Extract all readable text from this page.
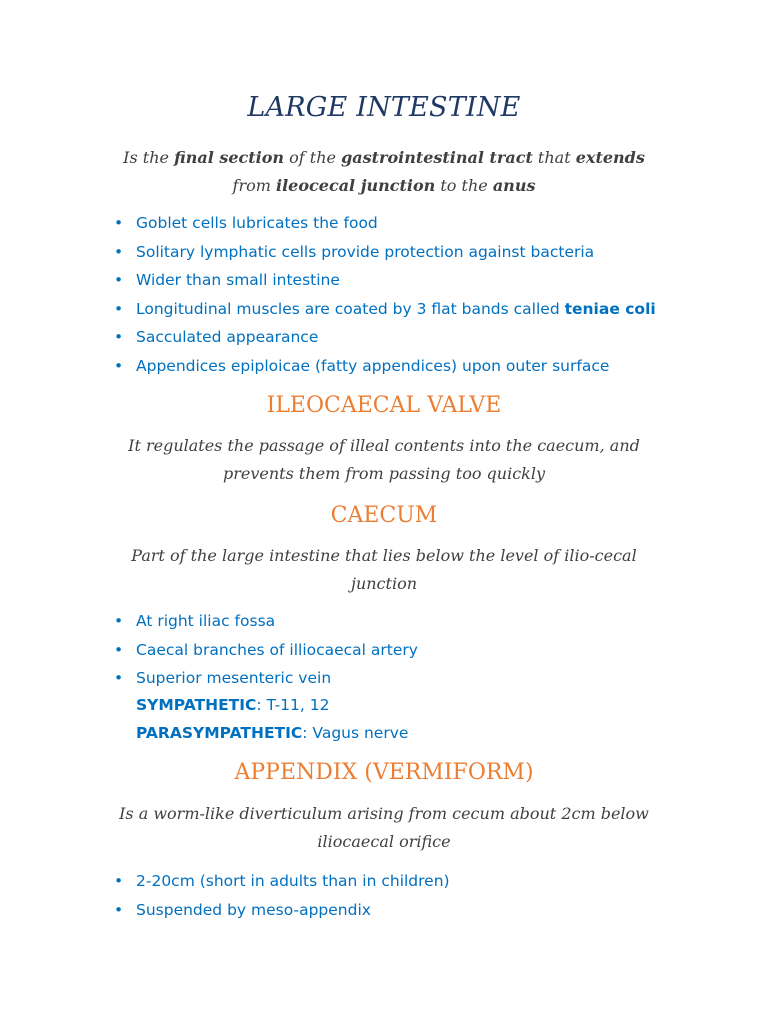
LARGE INTESTINE
Is the final section of the gastrointestinal tract that extends
from ileocecal junction to the anus
• Goblet cells lubricates the food
• Solitary lymphatic cells provide protection against bacteria
• Wider than small intestine
• Longitudinal muscles are coated by 3 flat bands called teniae coli
• Sacculated appearance
• Appendices epiploicae (fatty appendices) upon outer surface
ILEOCAECAL VALVE
It regulates the passage of illeal contents into the caecum, and
prevents them from passing too quickly
CAECUM
Part of the large intestine that lies below the level of ilio-cecal
junction
• At right iliac fossa
• Caecal branches of illiocaecal artery
• Superior mesenteric vein

SYMPATHETIC: T-11, 12

PARASYMPATHETIC: Vagus nerve

APPENDIX (VERMIFORM)
Is a worm-like diverticulum arising from cecum about 2cm below
iliocaecal orifice
• 2-20cm (short in adults than in children)
• Suspended by meso-appendix
